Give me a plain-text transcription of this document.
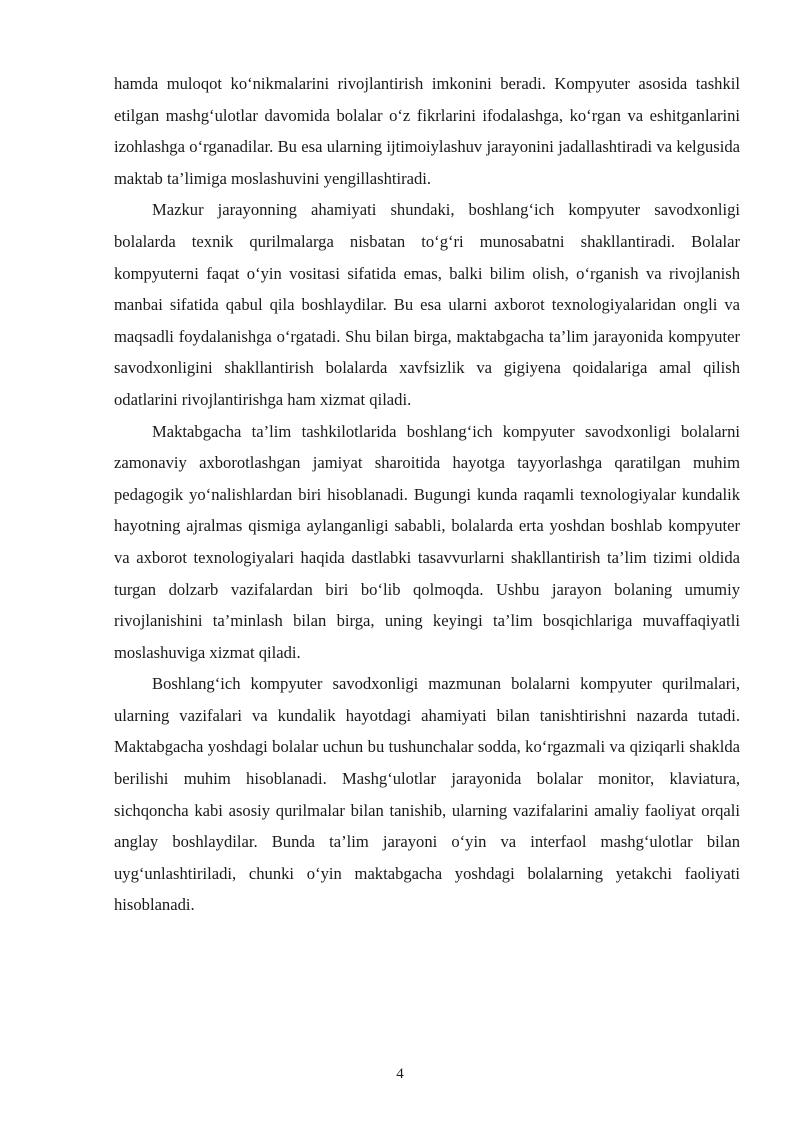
hamda muloqot ko‘nikmalarini rivojlantirish imkonini beradi. Kompyuter asosida tashkil etilgan mashg‘ulotlar davomida bolalar o‘z fikrlarini ifodalashga, ko‘rgan va eshitganlarini izohlashga o‘rganadilar. Bu esa ularning ijtimoiylashuv jarayonini jadallashtiradi va kelgusida maktab ta’limiga moslashuvini yengillashtiradi.

Mazkur jarayonning ahamiyati shundaki, boshlang‘ich kompyuter savodxonligi bolalarda texnik qurilmalarga nisbatan to‘g‘ri munosabatni shakllantiradi. Bolalar kompyuterni faqat o‘yin vositasi sifatida emas, balki bilim olish, o‘rganish va rivojlanish manbai sifatida qabul qila boshlaydilar. Bu esa ularni axborot texnologiyalaridan ongli va maqsadli foydalanishga o‘rgatadi. Shu bilan birga, maktabgacha ta’lim jarayonida kompyuter savodxonligini shakllantirish bolalarda xavfsizlik va gigiyena qoidalariga amal qilish odatlarini rivojlantirishga ham xizmat qiladi.

Maktabgacha ta’lim tashkilotlarida boshlang‘ich kompyuter savodxonligi bolalarni zamonaviy axborotlashgan jamiyat sharoitida hayotga tayyorlashga qaratilgan muhim pedagogik yo‘nalishlardan biri hisoblanadi. Bugungi kunda raqamli texnologiyalar kundalik hayotning ajralmas qismiga aylanganligi sababli, bolalarda erta yoshdan boshlab kompyuter va axborot texnologiyalari haqida dastlabki tasavvurlarni shakllantirish ta’lim tizimi oldida turgan dolzarb vazifalardan biri bo‘lib qolmoqda. Ushbu jarayon bolaning umumiy rivojlanishini ta’minlash bilan birga, uning keyingi ta’lim bosqichlariga muvaffaqiyatli moslashuviga xizmat qiladi.

Boshlang‘ich kompyuter savodxonligi mazmunan bolalarni kompyuter qurilmalari, ularning vazifalari va kundalik hayotdagi ahamiyati bilan tanishtirishni nazarda tutadi. Maktabgacha yoshdagi bolalar uchun bu tushunchalar sodda, ko‘rgazmali va qiziqarli shaklda berilishi muhim hisoblanadi. Mashg‘ulotlar jarayonida bolalar monitor, klaviatura, sichqoncha kabi asosiy qurilmalar bilan tanishib, ularning vazifalarini amaliy faoliyat orqali anglay boshlaydilar. Bunda ta’lim jarayoni o‘yin va interfaol mashg‘ulotlar bilan uyg‘unlashtiriladi, chunki o‘yin maktabgacha yoshdagi bolalarning yetakchi faoliyati hisoblanadi.

4
